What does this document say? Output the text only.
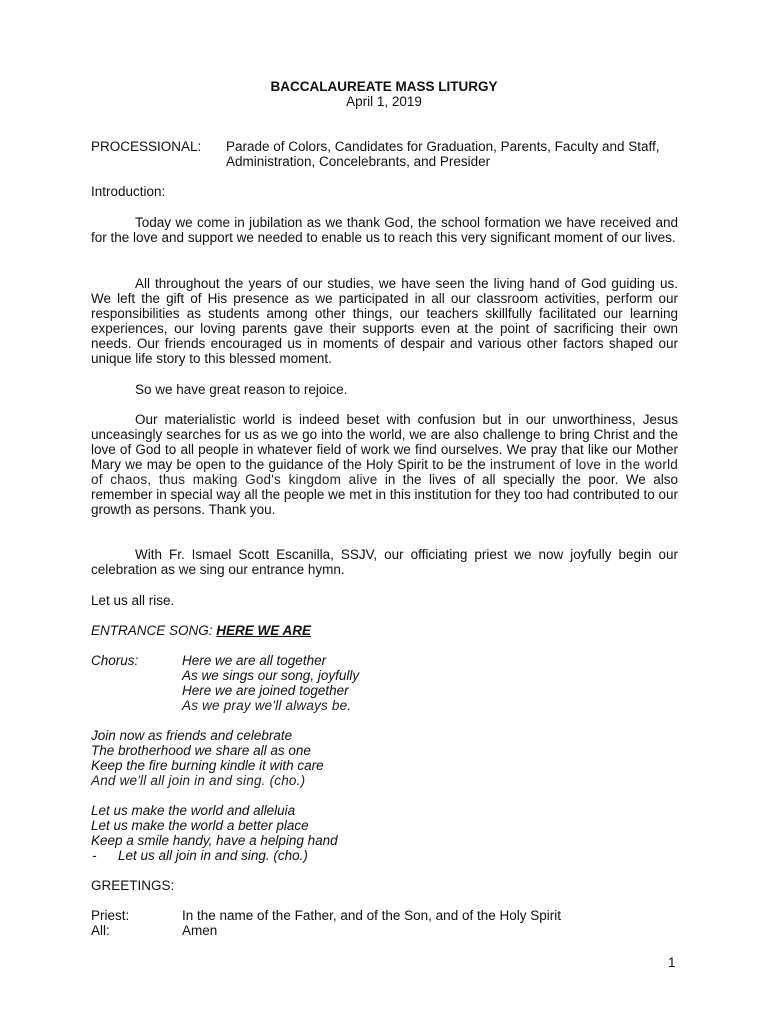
BACCALAUREATE MASS LITURGY
April 1, 2019
PROCESSIONAL: Parade of Colors, Candidates for Graduation, Parents, Faculty and Staff, Administration, Concelebrants, and Presider
Introduction:
Today we come in jubilation as we thank God, the school formation we have received and for the love and support we needed to enable us to reach this very significant moment of our lives.
All throughout the years of our studies, we have seen the living hand of God guiding us. We left the gift of His presence as we participated in all our classroom activities, perform our responsibilities as students among other things, our teachers skillfully facilitated our learning experiences, our loving parents gave their supports even at the point of sacrificing their own needs. Our friends encouraged us in moments of despair and various other factors shaped our unique life story to this blessed moment.
So we have great reason to rejoice.
Our materialistic world is indeed beset with confusion but in our unworthiness, Jesus unceasingly searches for us as we go into the world, we are also challenge to bring Christ and the love of God to all people in whatever field of work we find ourselves. We pray that like our Mother Mary we may be open to the guidance of the Holy Spirit to be the instrument of love in the world of chaos, thus making God's kingdom alive in the lives of all specially the poor. We also remember in special way all the people we met in this institution for they too had contributed to our growth as persons. Thank you.
With Fr. Ismael Scott Escanilla, SSJV, our officiating priest we now joyfully begin our celebration as we sing our entrance hymn.
Let us all rise.
ENTRANCE SONG: HERE WE ARE
Chorus:	Here we are all together
As we sings our song, joyfully
Here we are joined together
As we pray we'll always be.
Join now as friends and celebrate
The brotherhood we share all as one
Keep the fire burning kindle it with care
And we'll all join in and sing. (cho.)
Let us make the world and alleluia
Let us make the world a better place
Keep a smile handy, have a helping hand
- Let us all join in and sing. (cho.)
GREETINGS:
Priest:	In the name of the Father, and of the Son, and of the Holy Spirit
All:	Amen
1
